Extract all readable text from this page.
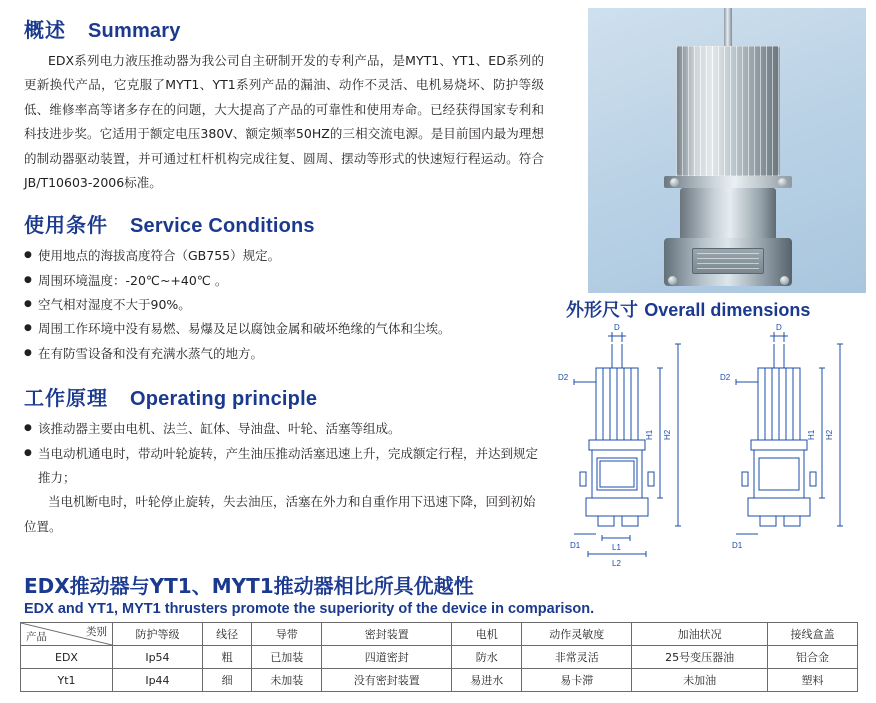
概述 Summary
EDX系列电力液压推动器为我公司自主研制开发的专利产品，是MYT1、YT1、ED系列的更新换代产品，它克服了MYT1、YT1系列产品的漏油、动作不灵活、电机易烧坏、防护等级低、维修率高等诸多存在的问题，大大提高了产品的可靠性和使用寿命。已经获得国家专利和科技进步奖。它适用于额定电压380V、额定频率50HZ的三相交流电源。是目前国内最为理想的制动器驱动装置，并可通过杠杆机构完成往复、圆周、摆动等形式的快速短行程运动。符合JB/T10603-2006标准。
使用条件 Service Conditions
● 使用地点的海拔高度符合（GB755）规定。
● 周围环境温度：-20℃~+40℃ 。
● 空气相对湿度不大于90%。
● 周围工作环境中没有易燃、易爆及足以腐蚀金属和破坏绝缘的气体和尘埃。
● 在有防雪设备和没有充满水蒸气的地方。
工作原理 Operating principle
● 该推动器主要由电机、法兰、缸体、导油盘、叶轮、活塞等组成。
● 当电动机通电时，带动叶轮旋转，产生油压推动活塞迅速上升，完成额定行程，并达到规定推力；
当电机断电时，叶轮停止旋转，失去油压，活塞在外力和自重作用下迅速下降，回到初始位置。
外形尺寸 Overall dimensions
D
D2
H1 H2
D1	L1
L2
D
D2
H1 H2
D1
EDX推动器与YT1、MYT1推动器相比所具优越性
EDX and YT1, MYT1 thrusters promote the superiority of the device in comparison.
类别
产品	防护等级	线径	导带	密封装置	电机	动作灵敏度	加油状况	接线盒盖
EDX	Ip54	粗	已加装	四道密封	防水	非常灵活	25号变压器油	铝合金
Yt1	Ip44	细	未加装	没有密封装置	易进水	易卡滞	未加油	塑料
